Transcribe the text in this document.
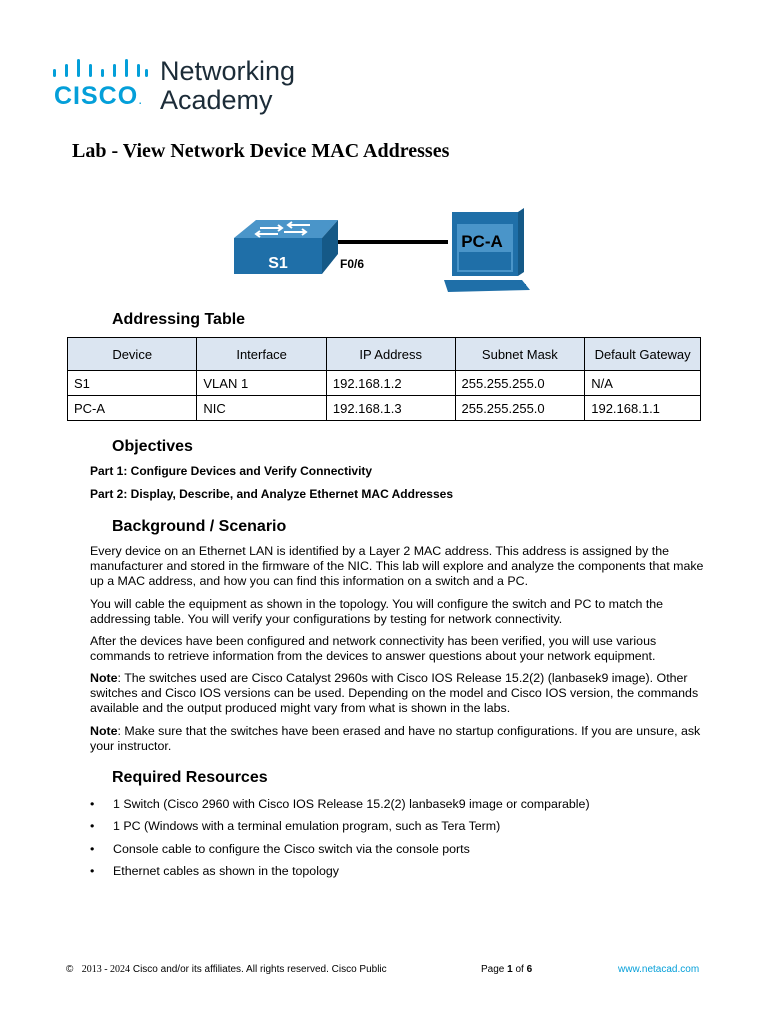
CISCO.
Networking
Academy
Lab - View Network Device MAC Addresses
S1	F0/6
PC-A
Addressing Table
Device	Interface	IP Address	Subnet Mask	Default Gateway
S1	VLAN 1	192.168.1.2	255.255.255.0	N/A
PC-A	NIC	192.168.1.3	255.255.255.0	192.168.1.1
Objectives
Part 1: Configure Devices and Verify Connectivity
Part 2: Display, Describe, and Analyze Ethernet MAC Addresses
Background / Scenario

Every device on an Ethernet LAN is identified by a Layer 2 MAC address. This address is assigned by the manufacturer and stored in the firmware of the NIC. This lab will explore and analyze the components that make up a MAC address, and how you can find this information on a switch and a PC.

You will cable the equipment as shown in the topology. You will configure the switch and PC to match the addressing table. You will verify your configurations by testing for network connectivity.

After the devices have been configured and network connectivity has been verified, you will use various commands to retrieve information from the devices to answer questions about your network equipment.

Note: The switches used are Cisco Catalyst 2960s with Cisco IOS Release 15.2(2) (lanbasek9 image). Other switches and Cisco IOS versions can be used. Depending on the model and Cisco IOS version, the commands available and the output produced might vary from what is shown in the labs.

Note: Make sure that the switches have been erased and have no startup configurations. If you are unsure, ask your instructor.

Required Resources
• 1 Switch (Cisco 2960 with Cisco IOS Release 15.2(2) lanbasek9 image or comparable)
• 1 PC (Windows with a terminal emulation program, such as Tera Term)
• Console cable to configure the Cisco switch via the console ports
• Ethernet cables as shown in the topology
© 2013 - 2024 Cisco and/or its affiliates. All rights reserved. Cisco Public	Page 1 of 6	www.netacad.com
